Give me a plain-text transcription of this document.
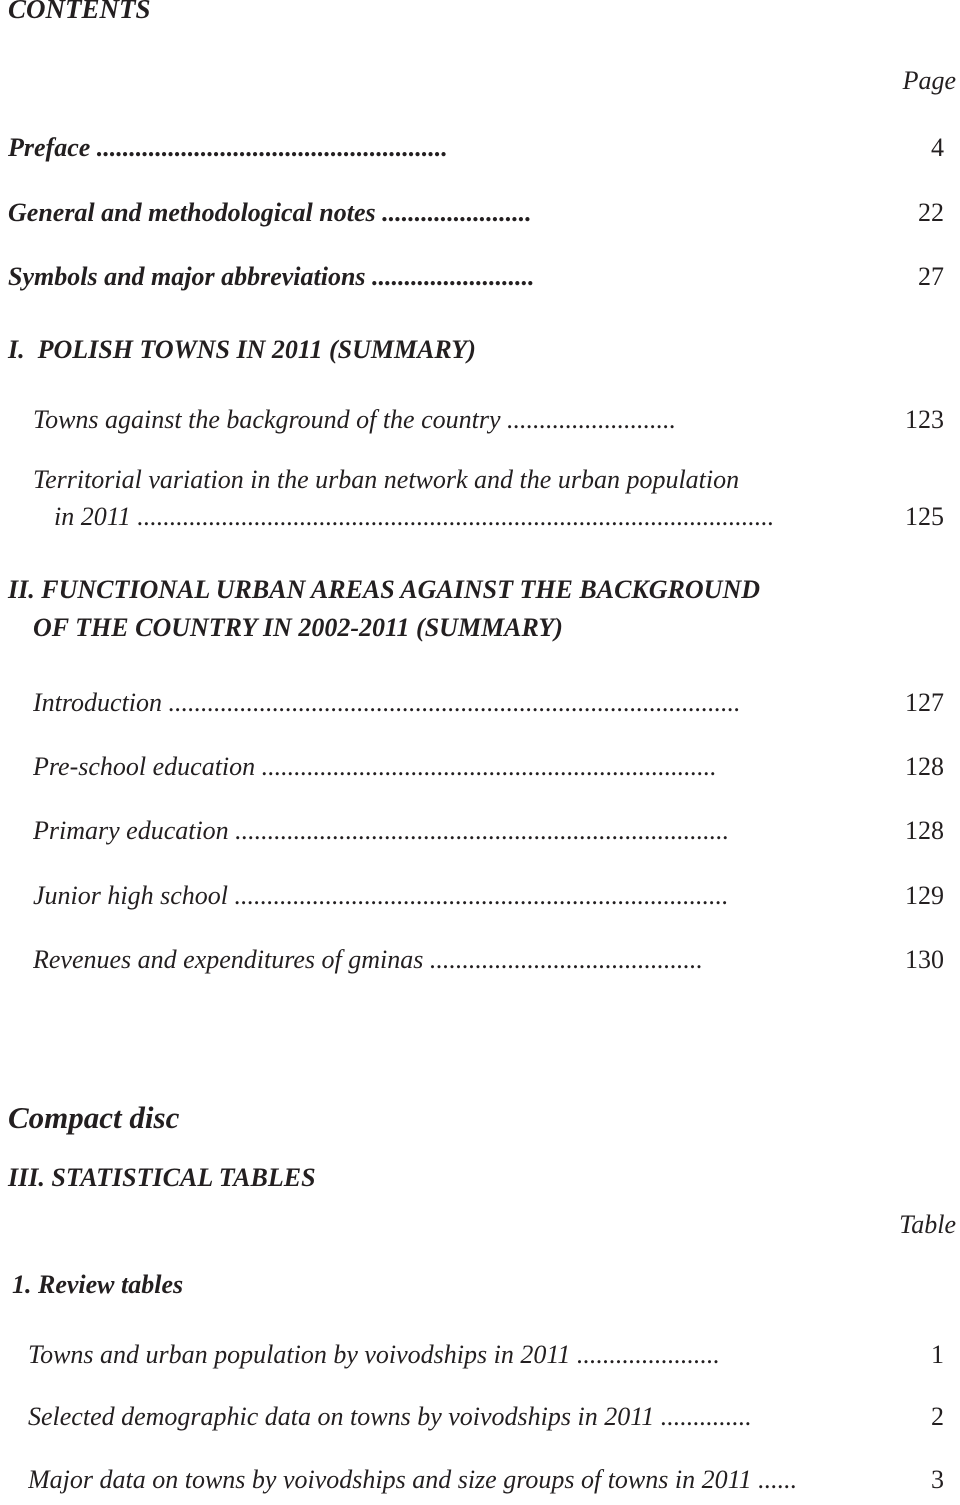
CONTENTS
Page
Preface ......................................................	4
General and methodological notes .......................	22
Symbols and major abbreviations .........................	27
I.  POLISH TOWNS IN 2011 (SUMMARY)
Towns against the background of the country ..........................	123
Territorial variation in the urban network and the urban population
in 2011 ..................................................................................................	125
II. FUNCTIONAL URBAN AREAS AGAINST THE BACKGROUND
OF THE COUNTRY IN 2002-2011 (SUMMARY)
Introduction ........................................................................................	127
Pre-school education ......................................................................	128
Primary education ............................................................................	128
Junior high school ............................................................................	129
Revenues and expenditures of gminas ..........................................	130
Compact disc
III. STATISTICAL TABLES
Table
1. Review tables
Towns and urban population by voivodships in 2011 ......................	1
Selected demographic data on towns by voivodships in 2011 ..............	2
Major data on towns by voivodships and size groups of towns in 2011 ......	3
